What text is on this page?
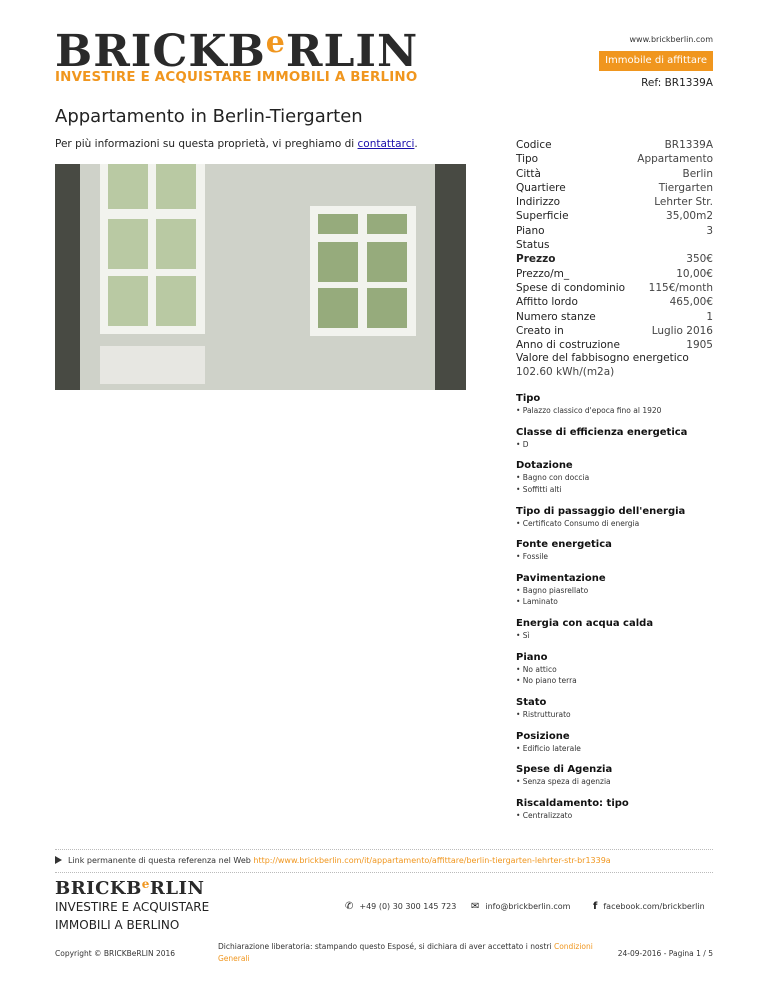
BRICKB$^e$RLIN
INVESTIRE E ACQUISTARE IMMOBILI A BERLINO
www.brickberlin.com
Immobile di affittare
Ref: BR1339A
Appartamento in Berlin-Tiergarten
Per più informazioni su questa proprietà, vi preghiamo di contattarci.	Codice	BR1339A
Tipo	Appartamento
Città	Berlin
Quartiere	Tiergarten
Indirizzo	Lehrter Str.
Superficie	35,00m2
Piano	3
Status
Prezzo	350€
Prezzo/m_	10,00€
Spese di condominio 115€/month
Affitto lordo	465,00€
Numero stanze	1
Creato in	Luglio 2016
Anno di costruzione	1905
Valore del fabbisogno energetico
102.60 kWh/(m2a)
Tipo
• Palazzo classico d'epoca fino al 1920
Classe di efficienza energetica
• D
Dotazione
• Bagno con doccia
• Soffitti alti
Tipo di passaggio dell'energia
• Certificato Consumo di energia
Fonte energetica
• Fossile
Pavimentazione
• Bagno piasrellato
• Laminato
Energia con acqua calda
• Sì
Piano
• No attico
• No piano terra
Stato
• Ristrutturato
Posizione
• Edificio laterale
Spese di Agenzia
• Senza speza di agenzia
Riscaldamento: tipo
• Centralizzato
Link permanente di questa referenza nel Web http://www.brickberlin.com/it/appartamento/affittare/berlin-tiergarten-lehrter-str-br1339a
BRICKB$^e$RLIN
INVESTIRE E ACQUISTARE IMMOBILI A BERLINO
✆ +49 (0) 30 300 145 723 ✉ info@brickberlin.com f facebook.com/brickberlin
Copyright © BRICKBeRLIN 2016
Dichiarazione liberatoria: stampando questo Esposé, si dichiara di aver accettato i nostri Condizioni Generali
24-09-2016 - Pagina 1 / 5
